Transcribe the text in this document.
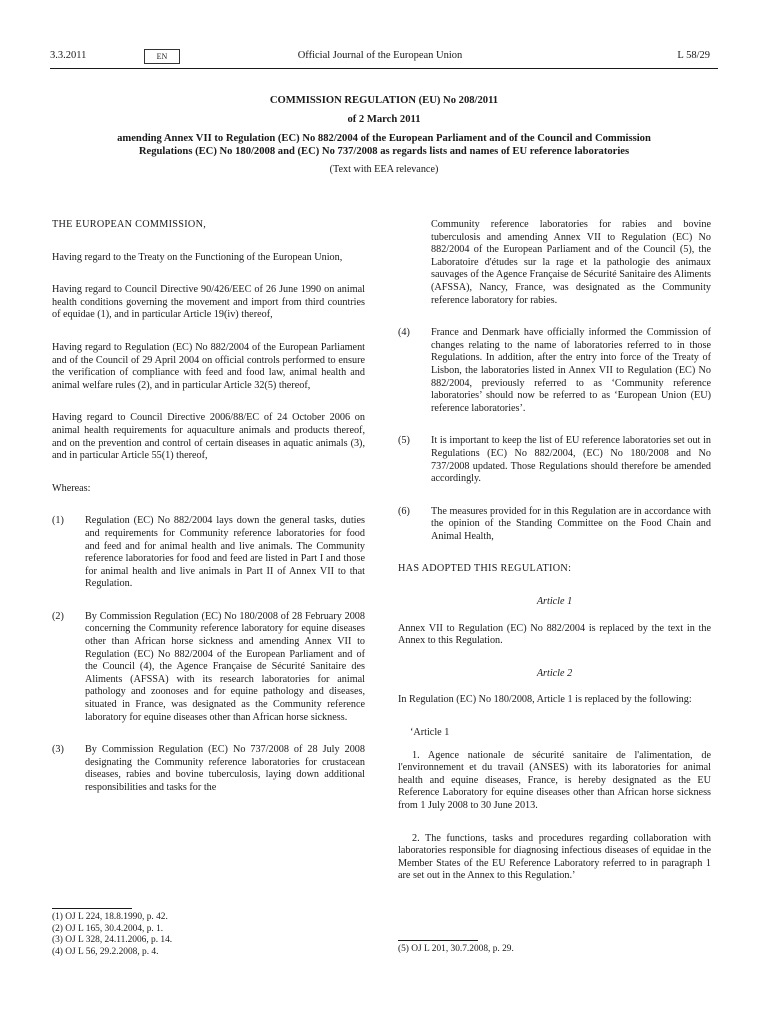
3.3.2011	EN	Official Journal of the European Union	L 58/29
COMMISSION REGULATION (EU) No 208/2011
of 2 March 2011
amending Annex VII to Regulation (EC) No 882/2004 of the European Parliament and of the Council and Commission Regulations (EC) No 180/2008 and (EC) No 737/2008 as regards lists and names of EU reference laboratories
(Text with EEA relevance)

THE EUROPEAN COMMISSION,

Having regard to the Treaty on the Functioning of the European Union,

Having regard to Council Directive 90/426/EEC of 26 June 1990 on animal health conditions governing the movement and import from third countries of equidae (1), and in particular Article 19(iv) thereof,

Having regard to Regulation (EC) No 882/2004 of the European Parliament and of the Council of 29 April 2004 on official controls performed to ensure the verification of compliance with feed and food law, animal health and animal welfare rules (2), and in particular Article 32(5) thereof,

Having regard to Council Directive 2006/88/EC of 24 October 2006 on animal health requirements for aquaculture animals and products thereof, and on the prevention and control of certain diseases in aquatic animals (3), and in particular Article 55(1) thereof,

Whereas:

(1) Regulation (EC) No 882/2004 lays down the general tasks, duties and requirements for Community reference laboratories for food and feed and for animal health and live animals. The Community reference laboratories for food and feed are listed in Part I and those for animal health and live animals in Part II of Annex VII to that Regulation.
(2) By Commission Regulation (EC) No 180/2008 of 28 February 2008 concerning the Community reference laboratory for equine diseases other than African horse sickness and amending Annex VII to Regulation (EC) No 882/2004 of the European Parliament and of the Council (4), the Agence Française de Sécurité Sanitaire des Aliments (AFSSA) with its research laboratories for animal pathology and zoonoses and for equine pathology and diseases, situated in France, was designated as the Community reference laboratory for equine diseases other than African horse sickness.
(3) By Commission Regulation (EC) No 737/2008 of 28 July 2008 designating the Community reference laboratories for crustacean diseases, rabies and bovine tuberculosis, laying down additional responsibilities and tasks for the
(1) OJ L 224, 18.8.1990, p. 42.
(2) OJ L 165, 30.4.2004, p. 1.
(3) OJ L 328, 24.11.2006, p. 14.
(4) OJ L 56, 29.2.2008, p. 4.
Community reference laboratories for rabies and bovine tuberculosis and amending Annex VII to Regulation (EC) No 882/2004 of the European Parliament and of the Council (5), the Laboratoire d'études sur la rage et la pathologie des animaux sauvages of the Agence Française de Sécurité Sanitaire des Aliments (AFSSA), Nancy, France, was designated as the Community reference laboratory for rabies.
(4) France and Denmark have officially informed the Commission of changes relating to the name of laboratories referred to in those Regulations. In addition, after the entry into force of the Treaty of Lisbon, the laboratories listed in Annex VII to Regulation (EC) No 882/2004, previously referred to as ‘Community reference laboratories’ should now be referred to as ‘European Union (EU) reference laboratories’.
(5) It is important to keep the list of EU reference laboratories set out in Regulations (EC) No 882/2004, (EC) No 180/2008 and No 737/2008 updated. Those Regulations should therefore be amended accordingly.
(6) The measures provided for in this Regulation are in accordance with the opinion of the Standing Committee on the Food Chain and Animal Health,

HAS ADOPTED THIS REGULATION:

Article 1

Annex VII to Regulation (EC) No 882/2004 is replaced by the text in the Annex to this Regulation.

Article 2

In Regulation (EC) No 180/2008, Article 1 is replaced by the following:

‘Article 1
1. Agence nationale de sécurité sanitaire de l'alimentation, de l'environnement et du travail (ANSES) with its laboratories for animal health and equine diseases, France, is hereby designated as the EU Reference Laboratory for equine diseases other than African horse sickness from 1 July 2008 to 30 June 2013.
2. The functions, tasks and procedures regarding collaboration with laboratories responsible for diagnosing infectious diseases of equidae in the Member States of the EU Reference Laboratory referred to in paragraph 1 are set out in the Annex to this Regulation.’
(5) OJ L 201, 30.7.2008, p. 29.
